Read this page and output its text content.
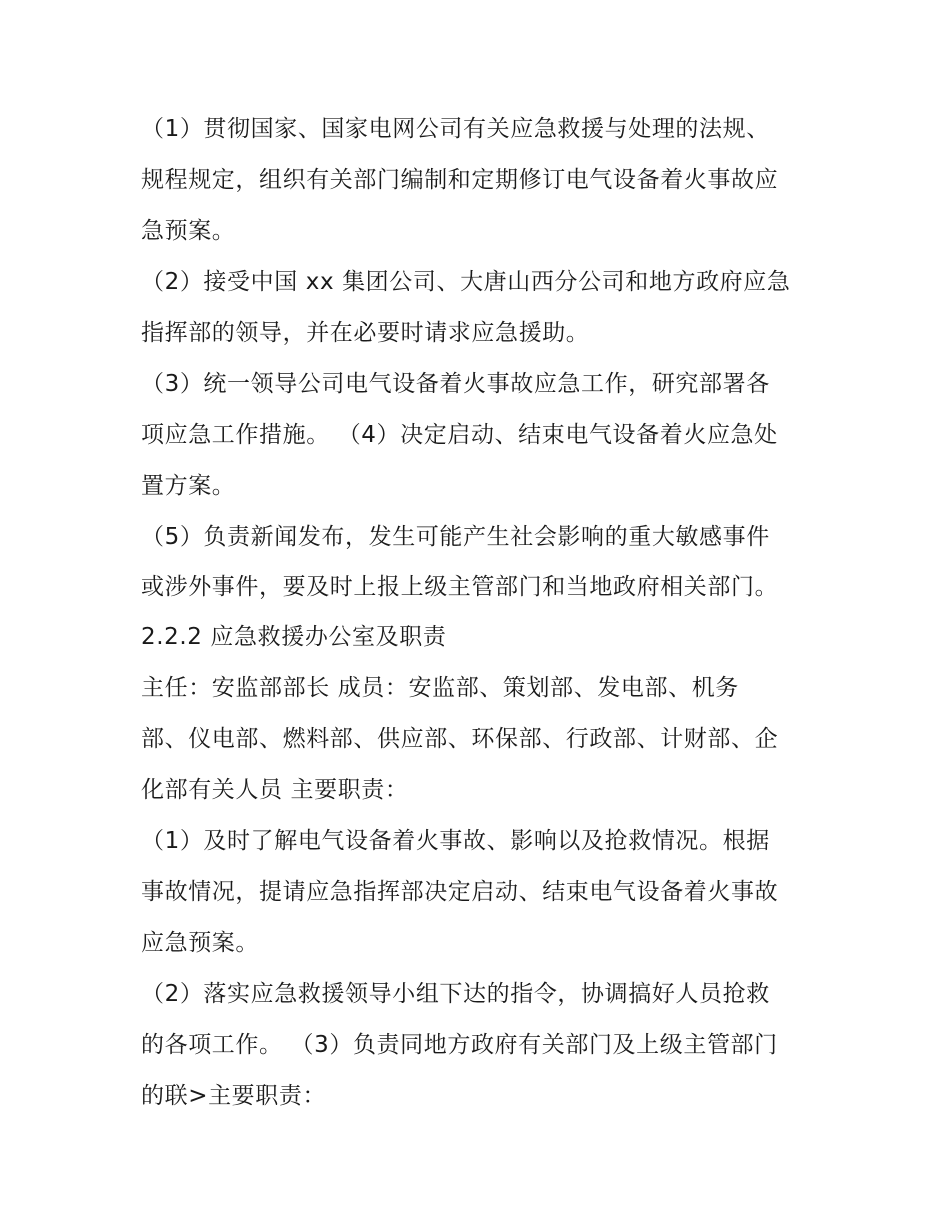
（1）贯彻国家、国家电网公司有关应急救援与处理的法规、
规程规定，组织有关部门编制和定期修订电气设备着火事故应
急预案。
（2）接受中国 xx 集团公司、大唐山西分公司和地方政府应急
指挥部的领导，并在必要时请求应急援助。
（3）统一领导公司电气设备着火事故应急工作，研究部署各
项应急工作措施。 （4）决定启动、结束电气设备着火应急处
置方案。
（5）负责新闻发布，发生可能产生社会影响的重大敏感事件
或涉外事件，要及时上报上级主管部门和当地政府相关部门。
2.2.2 应急救援办公室及职责
主任：安监部部长 成员：安监部、策划部、发电部、机务
部、仪电部、燃料部、供应部、环保部、行政部、计财部、企
化部有关人员 主要职责：
（1）及时了解电气设备着火事故、影响以及抢救情况。根据
事故情况，提请应急指挥部决定启动、结束电气设备着火事故
应急预案。
（2）落实应急救援领导小组下达的指令，协调搞好人员抢救
的各项工作。 （3）负责同地方政府有关部门及上级主管部门
的联>主要职责：
